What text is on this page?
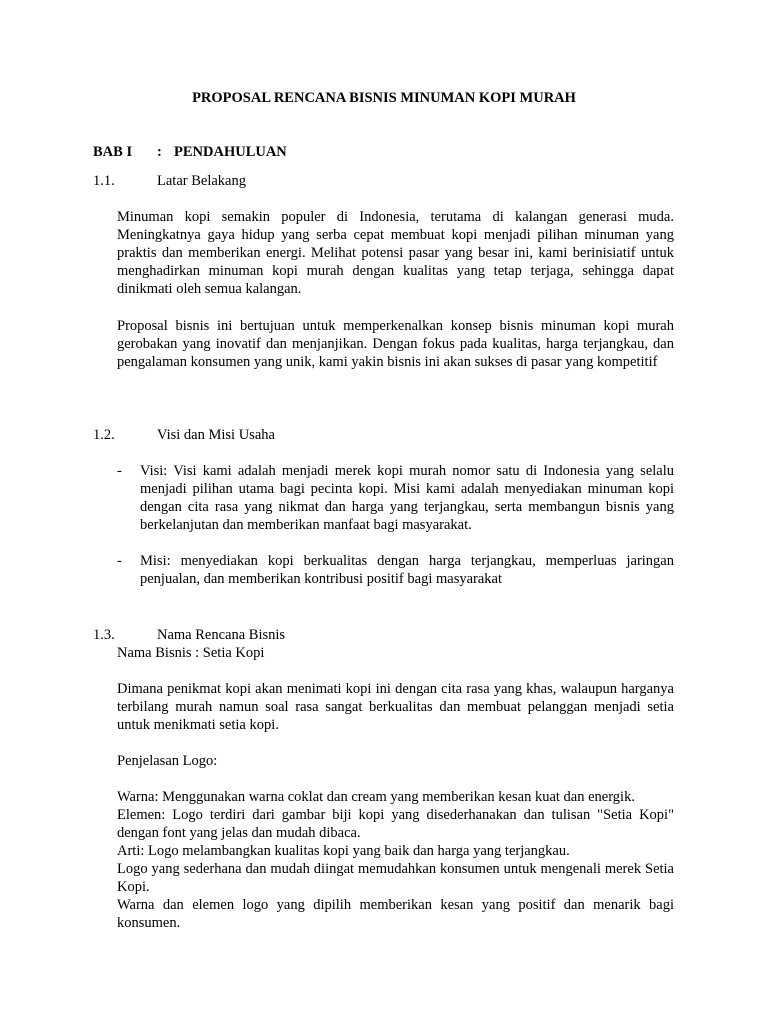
PROPOSAL RENCANA BISNIS MINUMAN KOPI MURAH
BAB I : PENDAHULUAN
1.1.	Latar Belakang

Minuman kopi semakin populer di Indonesia, terutama di kalangan generasi muda. Meningkatnya gaya hidup yang serba cepat membuat kopi menjadi pilihan minuman yang praktis dan memberikan energi. Melihat potensi pasar yang besar ini, kami berinisiatif untuk menghadirkan minuman kopi murah dengan kualitas yang tetap terjaga, sehingga dapat dinikmati oleh semua kalangan.

Proposal bisnis ini bertujuan untuk memperkenalkan konsep bisnis minuman kopi murah gerobakan yang inovatif dan menjanjikan. Dengan fokus pada kualitas, harga terjangkau, dan pengalaman konsumen yang unik, kami yakin bisnis ini akan sukses di pasar yang kompetitif

1.2.	Visi dan Misi Usaha
- Visi: Visi kami adalah menjadi merek kopi murah nomor satu di Indonesia yang selalu menjadi pilihan utama bagi pecinta kopi. Misi kami adalah menyediakan minuman kopi dengan cita rasa yang nikmat dan harga yang terjangkau, serta membangun bisnis yang berkelanjutan dan memberikan manfaat bagi masyarakat.
- Misi: menyediakan kopi berkualitas dengan harga terjangkau, memperluas jaringan penjualan, dan memberikan kontribusi positif bagi masyarakat
1.3.	Nama Rencana Bisnis

Nama Bisnis : Setia Kopi

Dimana penikmat kopi akan menimati kopi ini dengan cita rasa yang khas, walaupun harganya terbilang murah namun soal rasa sangat berkualitas dan membuat pelanggan menjadi setia untuk menikmati setia kopi.

Penjelasan Logo:

Warna: Menggunakan warna coklat dan cream yang memberikan kesan kuat dan energik.
Elemen: Logo terdiri dari gambar biji kopi yang disederhanakan dan tulisan "Setia Kopi" dengan font yang jelas dan mudah dibaca.
Arti: Logo melambangkan kualitas kopi yang baik dan harga yang terjangkau.
Logo yang sederhana dan mudah diingat memudahkan konsumen untuk mengenali merek Setia Kopi.
Warna dan elemen logo yang dipilih memberikan kesan yang positif dan menarik bagi konsumen.
